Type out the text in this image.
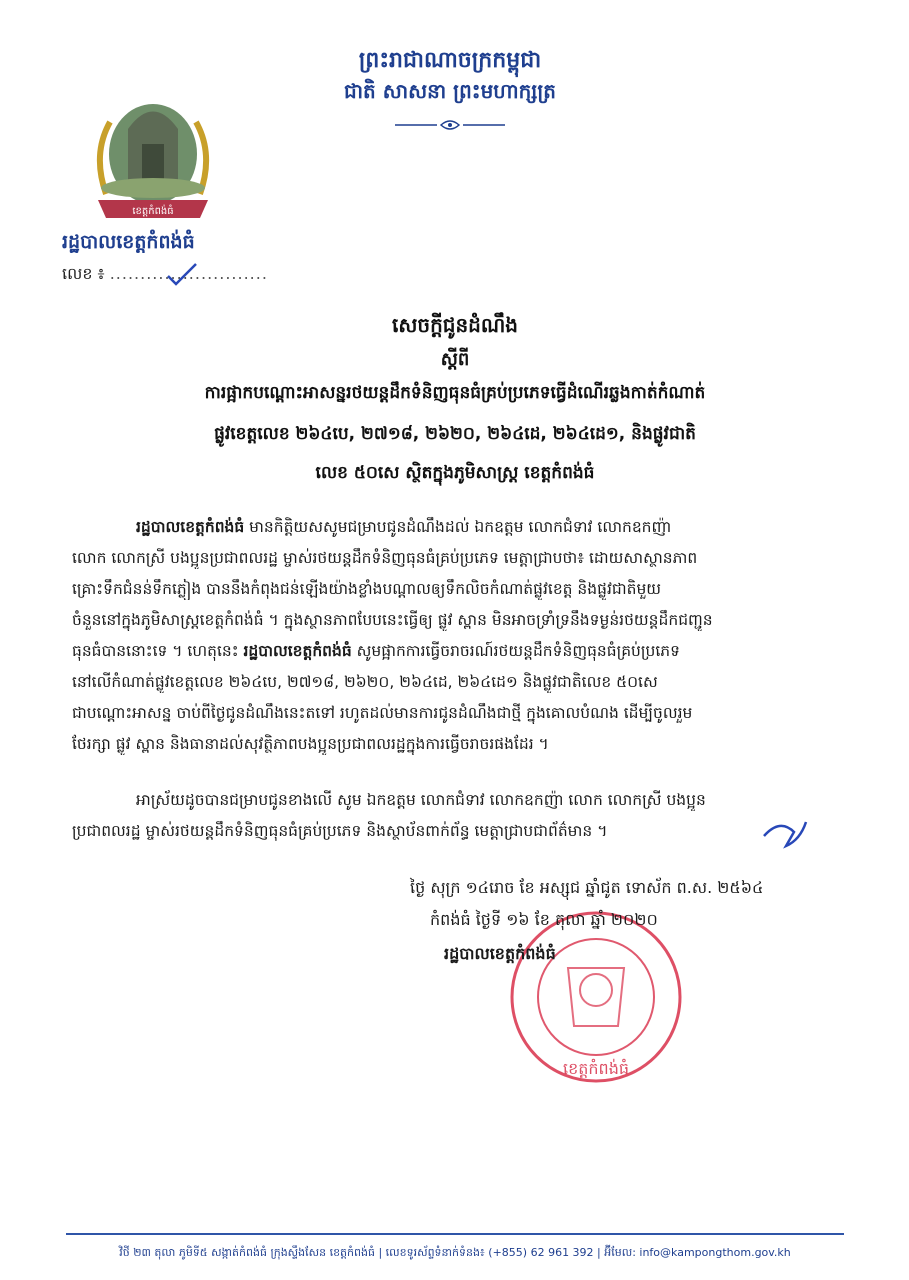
ព្រះរាជាណាចក្រកម្ពុជា
ជាតិ សាសនា ព្រះមហាក្សត្រ
ខេត្តកំពង់ធំ
រដ្ឋបាលខេត្តកំពង់ធំ
លេខ ៖ ..........................
សេចក្តីជូនដំណឹង
ស្តីពី
ការផ្អាកបណ្តោះអាសន្នរថយន្តដឹកទំនិញធុនធំគ្រប់ប្រភេទធ្វើដំណើរឆ្លងកាត់កំណាត់
ផ្លូវខេត្តលេខ ២៦៤បេ, ២៧១៨, ២៦២០, ២៦៤ដេ, ២៦៤ដេ១, និងផ្លូវជាតិ
លេខ ៥០សេ ស្ថិតក្នុងភូមិសាស្ត្រ ខេត្តកំពង់ធំ
រដ្ឋបាលខេត្តកំពង់ធំ មានកិត្តិយសសូមជម្រាបជូនដំណឹងដល់ ឯកឧត្តម លោកជំទាវ លោកឧកញ៉ា
លោក លោកស្រី បងប្អូនប្រជាពលរដ្ឋ ម្ចាស់រថយន្តដឹកទំនិញធុនធំគ្រប់ប្រភេទ មេត្តាជ្រាបថា៖ ដោយសាស្ថានភាព
គ្រោះទឹកជំនន់ទឹកភ្លៀង បាននឹងកំពុងជន់ឡើងយ៉ាងខ្លាំងបណ្តាលឲ្យទឹកលិចកំណាត់ផ្លូវខេត្ត និងផ្លូវជាតិមួយ
ចំនួននៅក្នុងភូមិសាស្ត្រខេត្តកំពង់ធំ ។ ក្នុងស្ថានភាពបែបនេះធ្វើឲ្យ ផ្លូវ ស្ពាន មិនអាចទ្រាំទ្រនឹងទម្ងន់រថយន្តដឹកជញ្ជូន
ធុនធំបាននោះទេ ។ ហេតុនេះ រដ្ឋបាលខេត្តកំពង់ធំ សូមផ្អាកការធ្វើចរាចរណ៍រថយន្តដឹកទំនិញធុនធំគ្រប់ប្រភេទ
នៅលើកំណាត់ផ្លូវខេត្តលេខ ២៦៤បេ, ២៧១៨, ២៦២០, ២៦៤ដេ, ២៦៤ដេ១ និងផ្លូវជាតិលេខ ៥០សេ
ជាបណ្តោះអាសន្ន ចាប់ពីថ្ងៃជូនដំណឹងនេះតទៅ រហូតដល់មានការជូនដំណឹងជាថ្មី ក្នុងគោលបំណង ដើម្បីចូលរួម
ថែរក្សា ផ្លូវ ស្ពាន និងធានាដល់សុវត្ថិភាពបងប្អូនប្រជាពលរដ្ឋក្នុងការធ្វើចរាចរផងដែរ ។
អាស្រ័យដូចបានជម្រាបជូនខាងលើ សូម ឯកឧត្តម លោកជំទាវ លោកឧកញ៉ា លោក លោកស្រី បងប្អូន
ប្រជាពលរដ្ឋ ម្ចាស់រថយន្តដឹកទំនិញធុនធំគ្រប់ប្រភេទ និងស្ថាប័នពាក់ព័ន្ធ មេត្តាជ្រាបជាព័ត៌មាន ។
ខេត្តកំពង់ធំ
ថ្ងៃ សុក្រ ១៤រោច ខែ អស្សុជ ឆ្នាំជូត ទោស័ក ព.ស. ២៥៦៤
កំពង់ធំ ថ្ងៃទី ១៦ ខែ តុលា ឆ្នាំ ២០២០
រដ្ឋបាលខេត្តកំពង់ធំ
វិថី ២៣ តុលា ភូមិទី៥ សង្កាត់កំពង់ធំ ក្រុងស្ទឹងសែន ខេត្តកំពង់ធំ | លេខទូរស័ព្ទទំនាក់ទំនង៖ (+855) 62 961 392 | អ៊ីមែល: info@kampongthom.gov.kh
